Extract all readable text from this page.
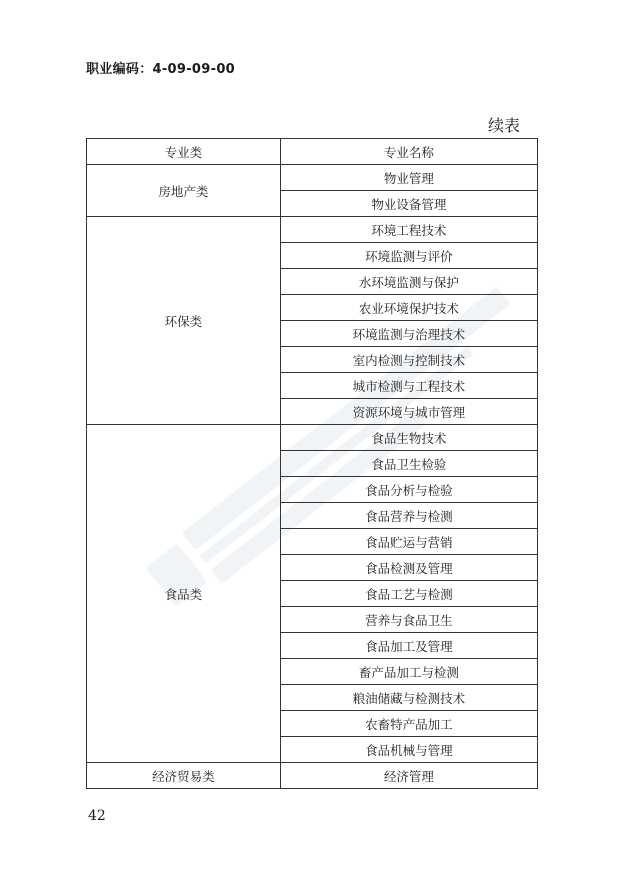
职业编码：4-09-09-00
续表
专业类	专业名称
房地产类	物业管理
	物业设备管理
环保类	环境工程技术
	环境监测与评价
	水环境监测与保护
	农业环境保护技术
	环境监测与治理技术
	室内检测与控制技术
	城市检测与工程技术
	资源环境与城市管理
食品类	食品生物技术
	食品卫生检验
	食品分析与检验
	食品营养与检测
	食品贮运与营销
	食品检测及管理
	食品工艺与检测
	营养与食品卫生
	食品加工及管理
	畜产品加工与检测
	粮油储藏与检测技术
	农畜特产品加工
	食品机械与管理
经济贸易类	经济管理
42
